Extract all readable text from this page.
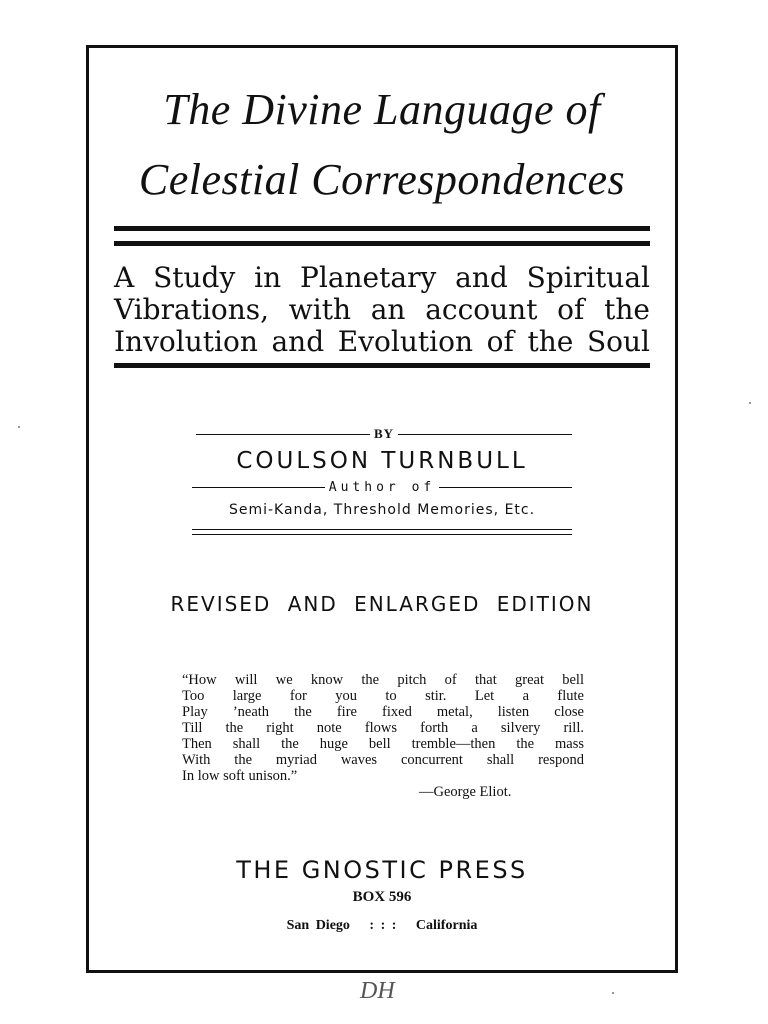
The Divine Language of
Celestial Correspondences
A Study in Planetary and Spiritual
Vibrations, with an account of the
Involution and Evolution of the Soul
BY
COULSON TURNBULL
Author of
Semi-Kanda, Threshold Memories, Etc.
REVISED AND ENLARGED EDITION
“How will we know the pitch of that great bell
Too large for you to stir. Let a flute
Play ’neath the fire fixed metal, listen close
Till the right note flows forth a silvery rill.
Then shall the huge bell tremble—then the mass
With the myriad waves concurrent shall respond
In low soft unison.”
—George Eliot.
THE GNOSTIC PRESS
BOX 596
San Diego : : : California
DH
